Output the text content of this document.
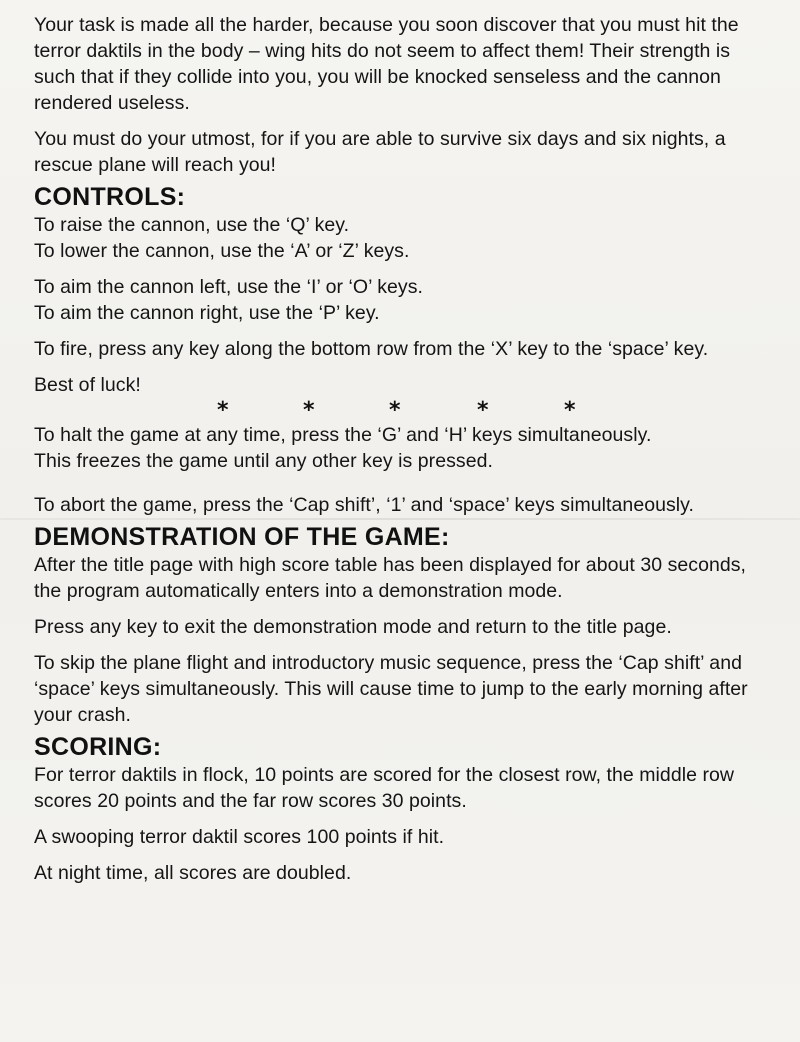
Your task is made all the harder, because you soon discover that you must hit the terror daktils in the body – wing hits do not seem to affect them! Their strength is such that if they collide into you, you will be knocked senseless and the cannon rendered useless.

You must do your utmost, for if you are able to survive six days and six nights, a rescue plane will reach you!

CONTROLS:

To raise the cannon, use the ‘Q’ key.

To lower the cannon, use the ‘A’ or ‘Z’ keys.

To aim the cannon left, use the ‘I’ or ‘O’ keys.

To aim the cannon right, use the ‘P’ key.

To fire, press any key along the bottom row from the ‘X’ key to the ‘space’ key.

Best of luck!

*	*	*	*	*

To halt the game at any time, press the ‘G’ and ‘H’ keys simultaneously.

This freezes the game until any other key is pressed.

To abort the game, press the ‘Cap shift’, ‘1’ and ‘space’ keys simultaneously.

DEMONSTRATION OF THE GAME:

After the title page with high score table has been displayed for about 30 seconds, the program automatically enters into a demonstration mode.

Press any key to exit the demonstration mode and return to the title page.

To skip the plane flight and introductory music sequence, press the ‘Cap shift’ and ‘space’ keys simultaneously. This will cause time to jump to the early morning after your crash.

SCORING:

For terror daktils in flock, 10 points are scored for the closest row, the middle row scores 20 points and the far row scores 30 points.

A swooping terror daktil scores 100 points if hit.

At night time, all scores are doubled.
